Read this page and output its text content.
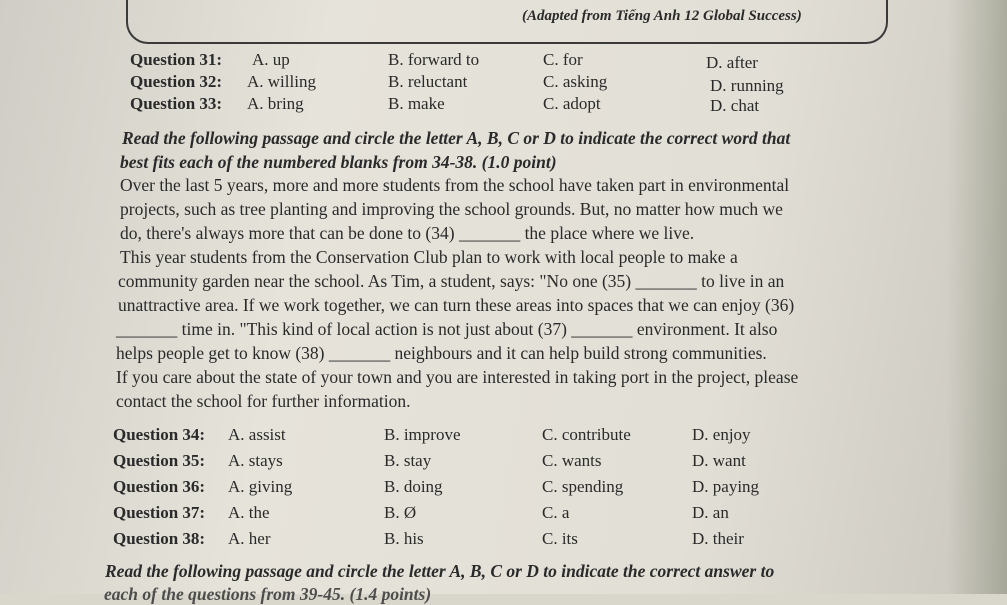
(Adapted from Tiếng Anh 12 Global Success)
Question 31: A. up	B. forward to	C. for	D. after
Question 32: A. willing	B. reluctant	C. asking	D. running
Question 33: A. bring	B. make	C. adopt	D. chat
Read the following passage and circle the letter A, B, C or D to indicate the correct word that
best fits each of the numbered blanks from 34-38. (1.0 point)
Over the last 5 years, more and more students from the school have taken part in environmental
projects, such as tree planting and improving the school grounds. But, no matter how much we
do, there's always more that can be done to (34) _______ the place where we live.
This year students from the Conservation Club plan to work with local people to make a
community garden near the school. As Tim, a student, says: "No one (35) _______ to live in an
unattractive area. If we work together, we can turn these areas into spaces that we can enjoy (36)
_______ time in. "This kind of local action is not just about (37) _______ environment. It also
helps people get to know (38) _______ neighbours and it can help build strong communities.
If you care about the state of your town and you are interested in taking port in the project, please
contact the school for further information.
Question 34: A. assist	B. improve	C. contribute	D. enjoy
Question 35: A. stays	B. stay	C. wants	D. want
Question 36: A. giving	B. doing	C. spending	D. paying
Question 37: A. the	B. Ø	C. a	D. an
Question 38: A. her	B. his	C. its	D. their
Read the following passage and circle the letter A, B, C or D to indicate the correct answer to
each of the questions from 39-45. (1.4 points)
